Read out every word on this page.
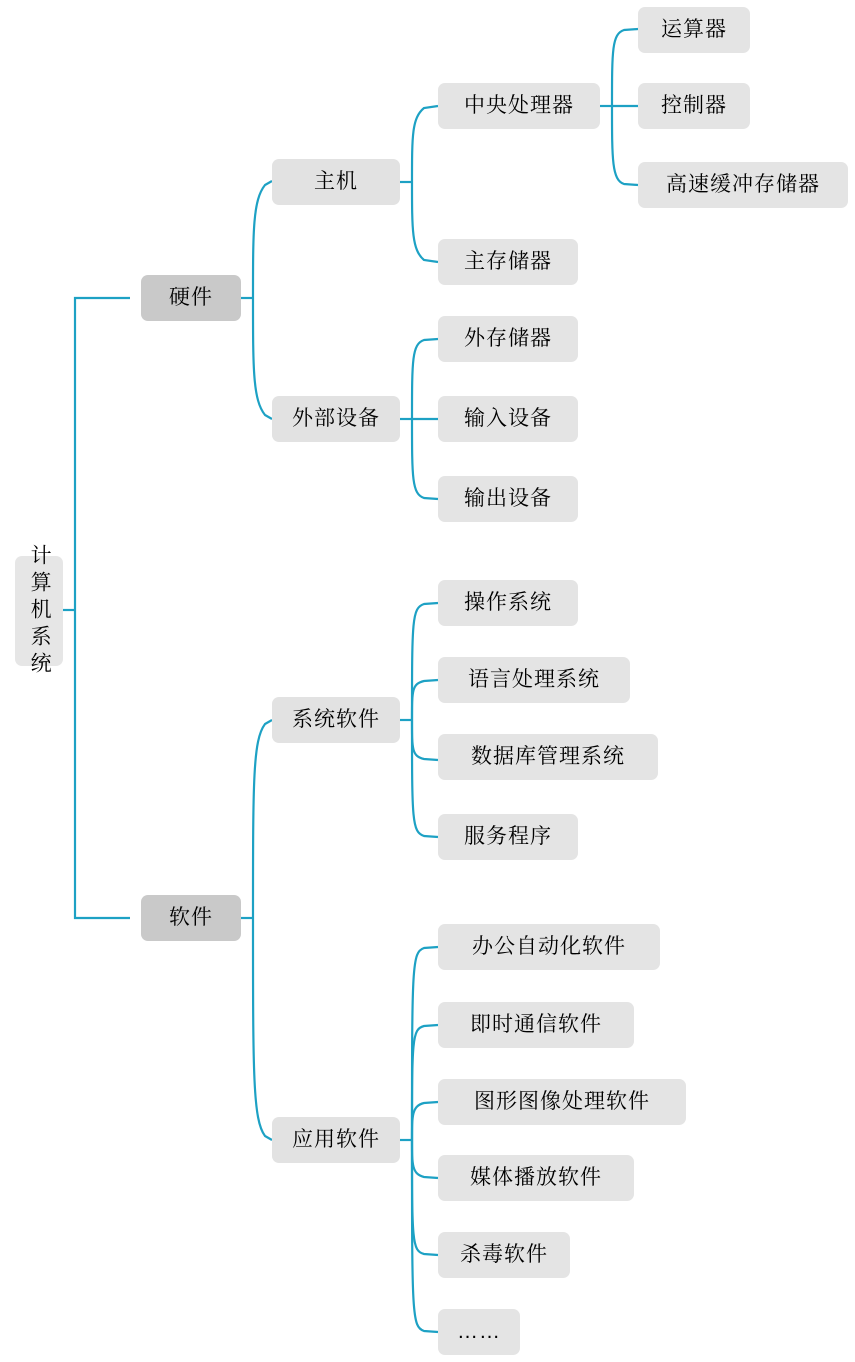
计算机系统
硬件
软件
主机
外部设备
系统软件
应用软件
中央处理器
主存储器
运算器
控制器
高速缓冲存储器
外存储器
输入设备
输出设备
操作系统
语言处理系统
数据库管理系统
服务程序
办公自动化软件
即时通信软件
图形图像处理软件
媒体播放软件
杀毒软件
……
